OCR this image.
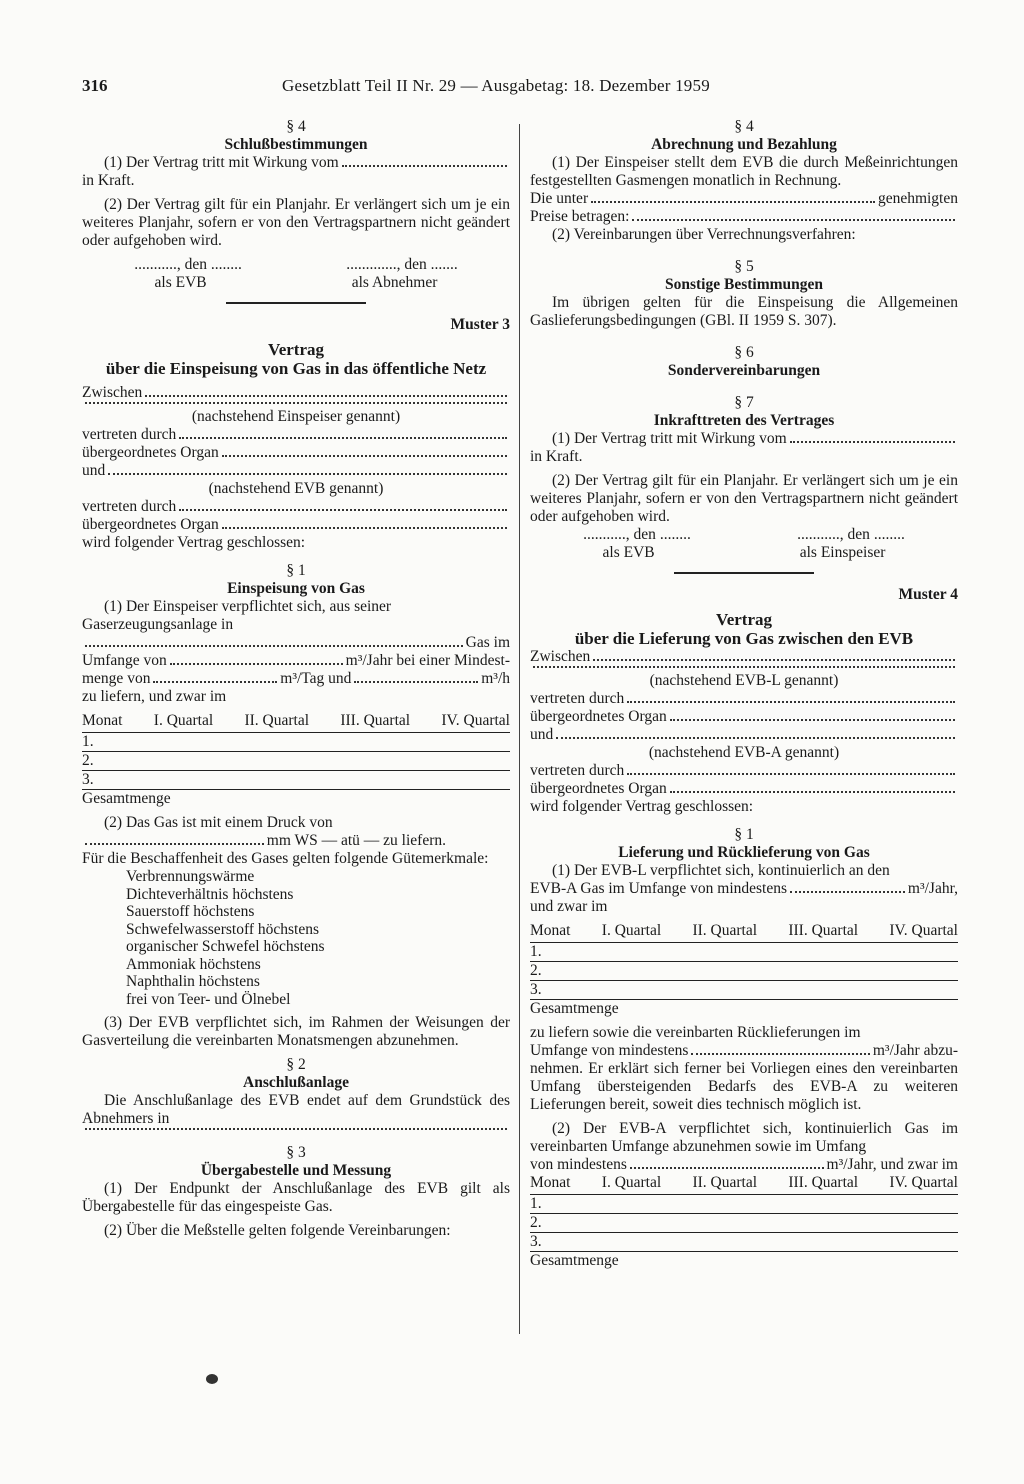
316	Gesetzblatt Teil II Nr. 29 — Ausgabetag: 18. Dezember 1959

§ 4

Schlußbestimmungen

(1) Der Vertrag tritt mit Wirkung vom

in Kraft.

(2) Der Vertrag gilt für ein Planjahr. Er verlängert sich um je ein weiteres Planjahr, sofern er von den Vertragspartnern nicht geändert oder aufgehoben wird.

..........., den ........	............., den .......
als EVB	als Abnehmer

Muster 3

Vertrag

über die Einspeisung von Gas in das öffentliche Netz

Zwischen

(nachstehend Einspeiser genannt)

vertreten durch
übergeordnetes Organ
und

(nachstehend EVB genannt)

vertreten durch
übergeordnetes Organ

wird folgender Vertrag geschlossen:

§ 1

Einspeisung von Gas

(1) Der Einspeiser verpflichtet sich, aus seiner Gaserzeugungsanlage in

Gas im
Umfange von	m³/Jahr bei einer Mindest-
menge von	m³/Tag und	m³/h

zu liefern, und zwar im

Monat I. Quartal II. Quartal III. Quartal IV. Quartal
1.
2.
3.

Gesamtmenge

(2) Das Gas ist mit einem Druck von

mm WS — atü — zu liefern.

Für die Beschaffenheit des Gases gelten folgende Gütemerkmale:

Verbrennungswärme

Dichteverhältnis höchstens

Sauerstoff höchstens

Schwefelwasserstoff höchstens

organischer Schwefel höchstens

Ammoniak höchstens

Naphthalin höchstens

frei von Teer- und Ölnebel

(3) Der EVB verpflichtet sich, im Rahmen der Weisungen der Gasverteilung die vereinbarten Monatsmengen abzunehmen.

§ 2

Anschlußanlage

Die Anschlußanlage des EVB endet auf dem Grundstück des Abnehmers in

§ 3

Übergabestelle und Messung

(1) Der Endpunkt der Anschlußanlage des EVB gilt als Übergabestelle für das eingespeiste Gas.

(2) Über die Meßstelle gelten folgende Vereinbarungen:

§ 4

Abrechnung und Bezahlung

(1) Der Einspeiser stellt dem EVB die durch Meßeinrichtungen festgestellten Gasmengen monatlich in Rechnung.

Die unter	genehmigten
Preise betragen:

(2) Vereinbarungen über Verrechnungsverfahren:

§ 5

Sonstige Bestimmungen

Im übrigen gelten für die Einspeisung die Allgemeinen Gaslieferungsbedingungen (GBl. II 1959 S. 307).

§ 6

Sondervereinbarungen

§ 7

Inkrafttreten des Vertrages

(1) Der Vertrag tritt mit Wirkung vom

in Kraft.

(2) Der Vertrag gilt für ein Planjahr. Er verlängert sich um je ein weiteres Planjahr, sofern er von den Vertragspartnern nicht geändert oder aufgehoben wird.

..........., den ........	..........., den ........
als EVB	als Einspeiser

Muster 4

Vertrag

über die Lieferung von Gas zwischen den EVB

Zwischen

(nachstehend EVB-L genannt)

vertreten durch
übergeordnetes Organ
und

(nachstehend EVB-A genannt)

vertreten durch
übergeordnetes Organ

wird folgender Vertrag geschlossen:

§ 1

Lieferung und Rücklieferung von Gas

(1) Der EVB-L verpflichtet sich, kontinuierlich an den

EVB-A Gas im Umfange von mindestens	m³/Jahr,

und zwar im

Monat I. Quartal II. Quartal III. Quartal IV. Quartal
1.
2.
3.

Gesamtmenge

zu liefern sowie die vereinbarten Rücklieferungen im

Umfange von mindestens	m³/Jahr abzu-

nehmen. Er erklärt sich ferner bei Vorliegen eines den vereinbarten Umfang übersteigenden Bedarfs des EVB-A zu weiteren Lieferungen bereit, soweit dies technisch möglich ist.

(2) Der EVB-A verpflichtet sich, kontinuierlich Gas im vereinbarten Umfange abzunehmen sowie im Umfang

von mindestens	m³/Jahr, und zwar im
Monat I. Quartal II. Quartal III. Quartal IV. Quartal
1.
2.
3.

Gesamtmenge
